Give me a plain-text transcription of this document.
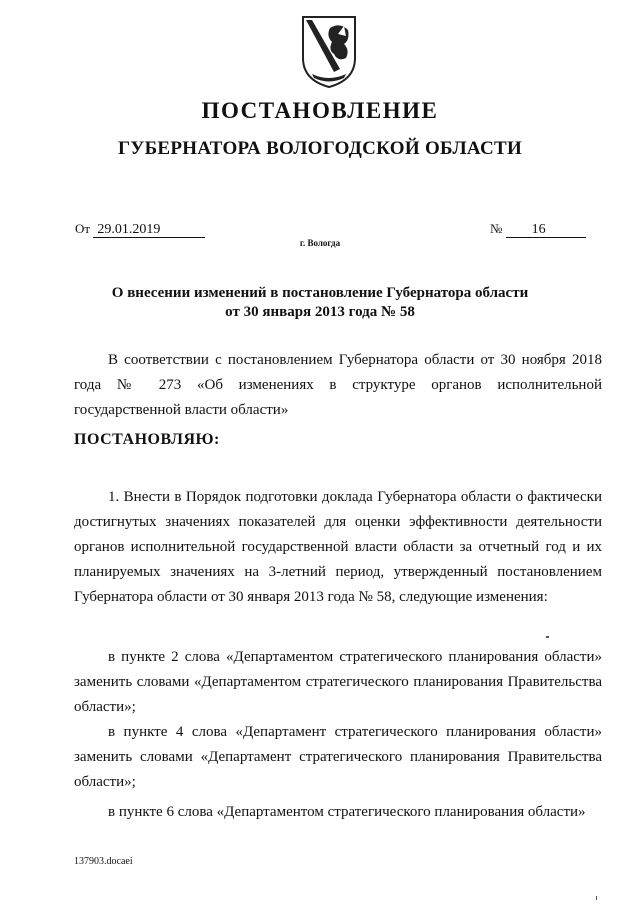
ПОСТАНОВЛЕНИЕ
ГУБЕРНАТОРА ВОЛОГОДСКОЙ ОБЛАСТИ
От 29.01.2019	№ 16
г. Вологда
О внесении изменений в постановление Губернатора области
от 30 января 2013 года № 58
В соответствии с постановлением Губернатора области от 30 ноября 2018 года № 273 «Об изменениях в структуре органов исполнительной государственной власти области»
ПОСТАНОВЛЯЮ:
1. Внести в Порядок подготовки доклада Губернатора области о фактически достигнутых значениях показателей для оценки эффективности деятельности органов исполнительной государственной власти области за отчетный год и их планируемых значениях на 3-летний период, утвержденный постановлением Губернатора области от 30 января 2013 года № 58, следующие изменения:
в пункте 2 слова «Департаментом стратегического планирования области» заменить словами «Департаментом стратегического планирования Правительства области»;
в пункте 4 слова «Департамент стратегического планирования области» заменить словами «Департамент стратегического планирования Правительства области»;
в пункте 6 слова «Департаментом стратегического планирования области»
137903.docaei
